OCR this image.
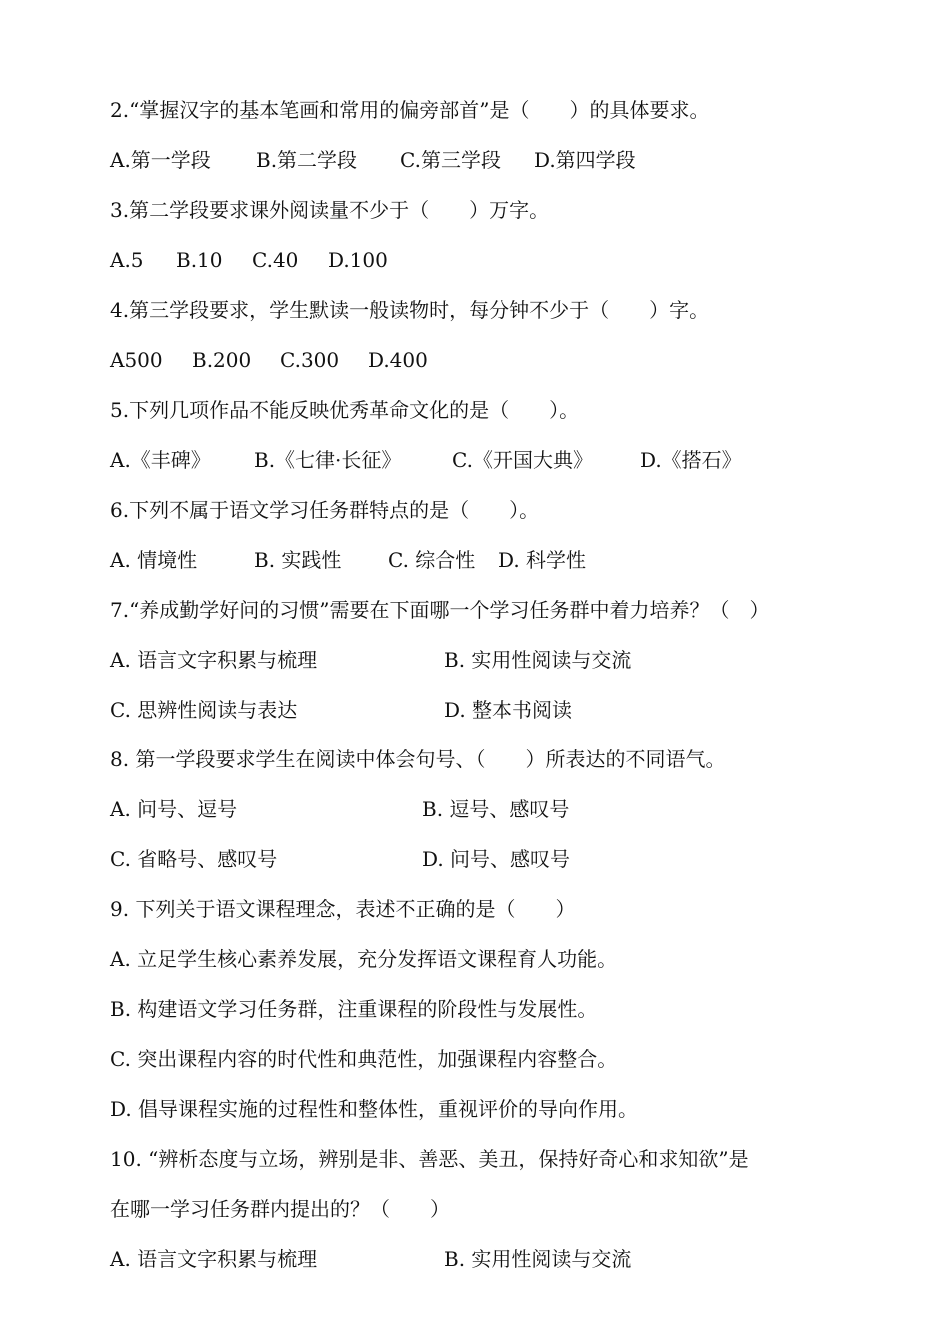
2.“掌握汉字的基本笔画和常用的偏旁部首”是（　　）的具体要求。
A.第一学段 B.第二学段 C.第三学段 D.第四学段
3.第二学段要求课外阅读量不少于（　　）万字。
A.5 B.10 C.40 D.100
4.第三学段要求，学生默读一般读物时，每分钟不少于（　　）字。
A500 B.200 C.300 D.400
5.下列几项作品不能反映优秀革命文化的是（　　）。
A.《丰碑》 B.《七律·长征》	C.《开国大典》 D.《搭石》
6.下列不属于语文学习任务群特点的是（　　）。
A. 情境性	B. 实践性 C. 综合性 D. 科学性
7.“养成勤学好问的习惯”需要在下面哪一个学习任务群中着力培养？（　）
A. 语言文字积累与梳理	B. 实用性阅读与交流
C. 思辨性阅读与表达	D. 整本书阅读
8. 第一学段要求学生在阅读中体会句号、（　　）所表达的不同语气。
A. 问号、逗号	B. 逗号、感叹号
C. 省略号、感叹号	D. 问号、感叹号
9. 下列关于语文课程理念，表述不正确的是（　　）
A. 立足学生核心素养发展，充分发挥语文课程育人功能。
B. 构建语文学习任务群，注重课程的阶段性与发展性。
C. 突出课程内容的时代性和典范性，加强课程内容整合。
D. 倡导课程实施的过程性和整体性，重视评价的导向作用。
10. “辨析态度与立场，辨别是非、善恶、美丑，保持好奇心和求知欲”是
在哪一学习任务群内提出的？（　　）
A. 语言文字积累与梳理	B. 实用性阅读与交流
